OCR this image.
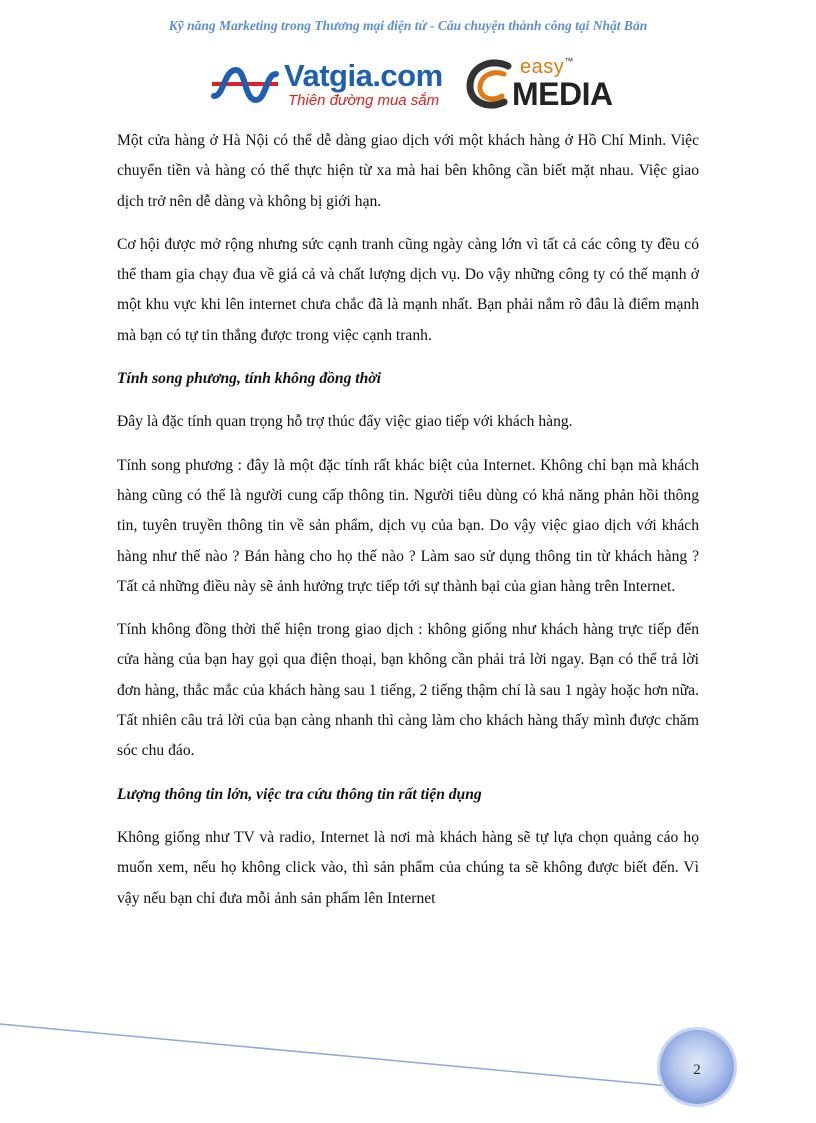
Kỹ năng Marketing trong Thương mại điện tử - Câu chuyện thành công tại Nhật Bản
Vatgia.com
Thiên đường mua sắm
easy™
MEDIA

Một cửa hàng ở Hà Nội có thể dễ dàng giao dịch với một khách hàng ở Hồ Chí Minh. Việc chuyển tiền và hàng có thể thực hiện từ xa mà hai bên không cần biết mặt nhau. Việc giao dịch trở nên dễ dàng và không bị giới hạn.

Cơ hội được mở rộng nhưng sức cạnh tranh cũng ngày càng lớn vì tất cả các công ty đều có thể tham gia chạy đua về giá cả và chất lượng dịch vụ. Do vậy những công ty có thế mạnh ở một khu vực khi lên internet chưa chắc đã là mạnh nhất. Bạn phải nắm rõ đâu là điểm mạnh mà bạn có tự tin thắng được trong việc cạnh tranh.

Tính song phương, tính không đồng thời

Đây là đặc tính quan trọng hỗ trợ thúc đẩy việc giao tiếp với khách hàng.

Tính song phương : đây là một đặc tính rất khác biệt của Internet. Không chỉ bạn mà khách hàng cũng có thể là người cung cấp thông tin. Người tiêu dùng có khả năng phản hồi thông tin, tuyên truyền thông tin về sản phẩm, dịch vụ của bạn. Do vậy việc giao dịch với khách hàng như thế nào ? Bán hàng cho họ thế nào ? Làm sao sử dụng thông tin từ khách hàng ? Tất cả những điều này sẽ ảnh hưởng trực tiếp tới sự thành bại của gian hàng trên Internet.

Tính không đồng thời thể hiện trong giao dịch : không giống như khách hàng trực tiếp đến cửa hàng của bạn hay gọi qua điện thoại, bạn không cần phải trả lời ngay. Bạn có thể trả lời đơn hàng, thắc mắc của khách hàng sau 1 tiếng, 2 tiếng thậm chí là sau 1 ngày hoặc hơn nữa. Tất nhiên câu trả lời của bạn càng nhanh thì càng làm cho khách hàng thấy mình được chăm sóc chu đáo.

Lượng thông tin lớn, việc tra cứu thông tin rất tiện dụng

Không giống như TV và radio, Internet là nơi mà khách hàng sẽ tự lựa chọn quảng cáo họ muốn xem, nếu họ không click vào, thì sản phẩm của chúng ta sẽ không được biết đến. Vì vậy nếu bạn chỉ đưa mỗi ảnh sản phẩm lên Internet

2
